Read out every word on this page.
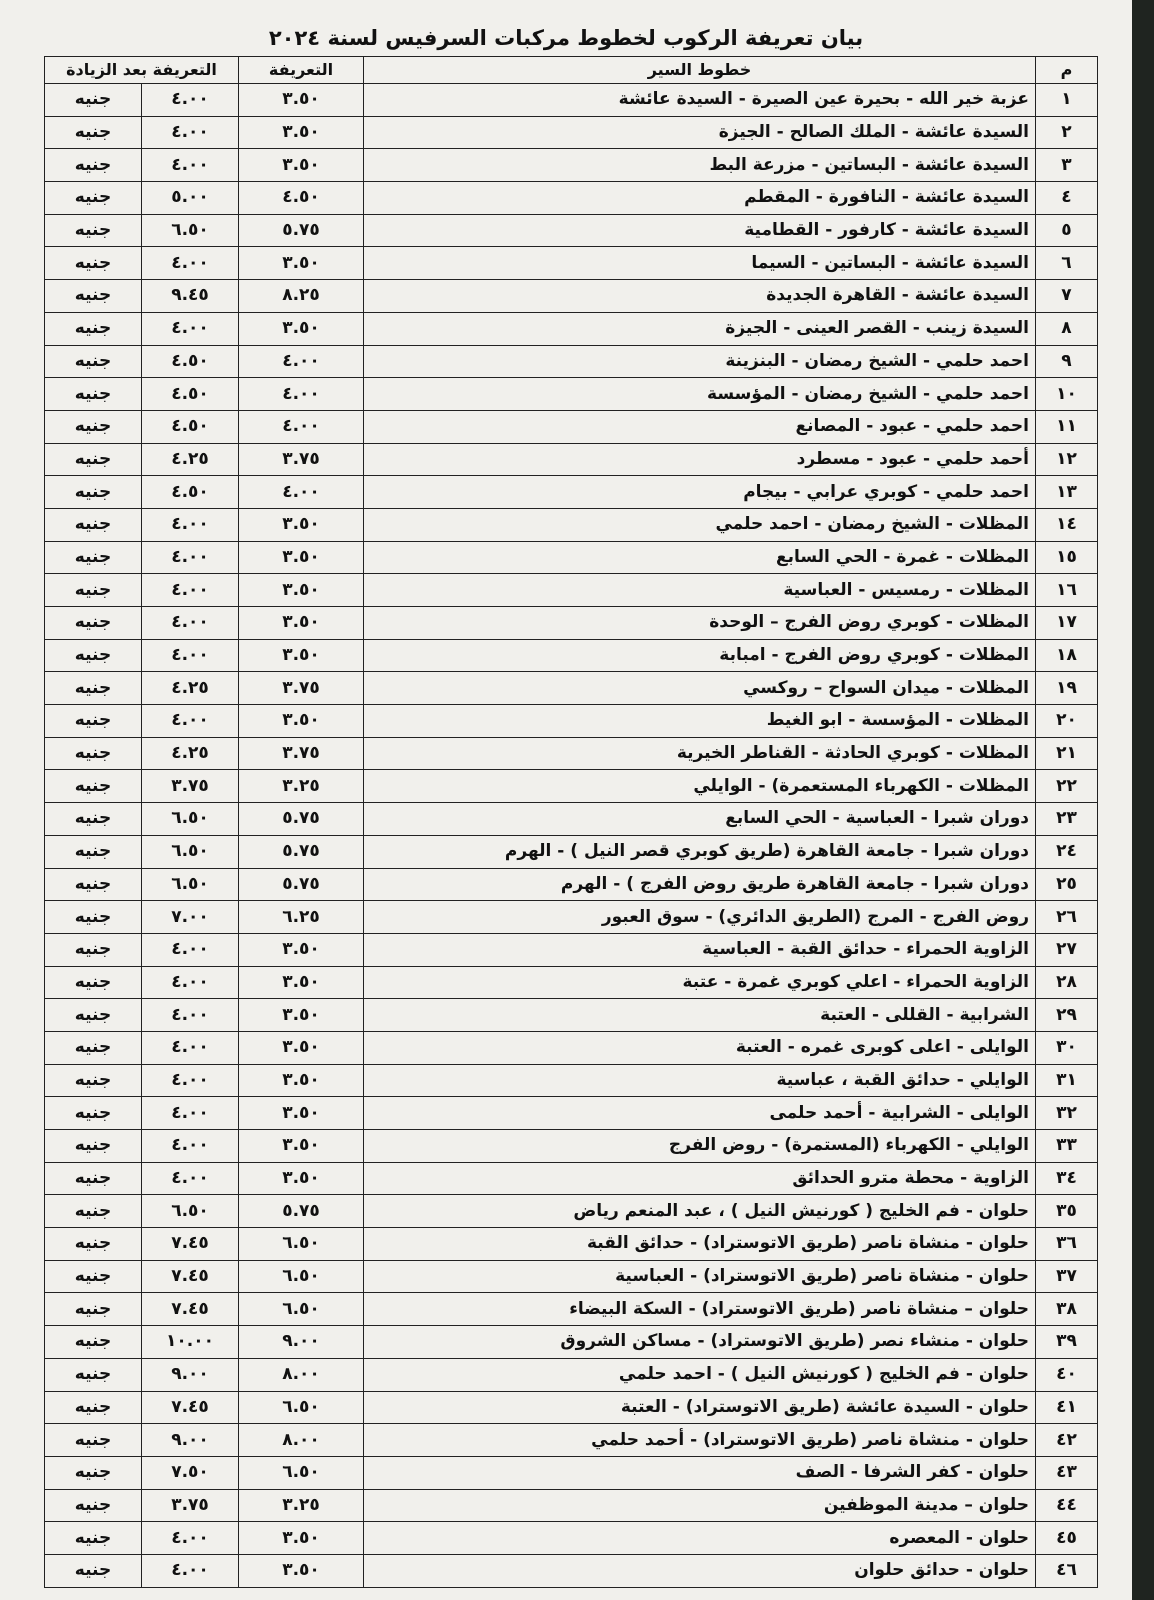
بيان تعريفة الركوب لخطوط مركبات السرفيس لسنة ٢٠٢٤
م	خطوط السير	التعريفة	التعريفة بعد الزيادة	
١	عزبة خير الله - بحيرة عين الصيرة - السيدة عائشة	٣.٥٠	٤.٠٠	جنيه
٢	السيدة عائشة - الملك الصالح - الجيزة	٣.٥٠	٤.٠٠	جنيه
٣	السيدة عائشة - البساتين - مزرعة البط	٣.٥٠	٤.٠٠	جنيه
٤	السيدة عائشة - النافورة - المقطم	٤.٥٠	٥.٠٠	جنيه
٥	السيدة عائشة - كارفور - القطامية	٥.٧٥	٦.٥٠	جنيه
٦	السيدة عائشة - البساتين - السيما	٣.٥٠	٤.٠٠	جنيه
٧	السيدة عائشة - القاهرة الجديدة	٨.٢٥	٩.٤٥	جنيه
٨	السيدة زينب - القصر العينى - الجيزة	٣.٥٠	٤.٠٠	جنيه
٩	احمد حلمي - الشيخ رمضان - البنزينة	٤.٠٠	٤.٥٠	جنيه
١٠	احمد حلمي - الشيخ رمضان - المؤسسة	٤.٠٠	٤.٥٠	جنيه
١١	احمد حلمي - عبود - المصانع	٤.٠٠	٤.٥٠	جنيه
١٢	أحمد حلمي - عبود - مسطرد	٣.٧٥	٤.٢٥	جنيه
١٣	احمد حلمي - كوبري عرابي - بيجام	٤.٠٠	٤.٥٠	جنيه
١٤	المظلات - الشيخ رمضان - احمد حلمي	٣.٥٠	٤.٠٠	جنيه
١٥	المظلات - غمرة - الحي السابع	٣.٥٠	٤.٠٠	جنيه
١٦	المظلات - رمسيس - العباسية	٣.٥٠	٤.٠٠	جنيه
١٧	المظلات - كوبري روض الفرج – الوحدة	٣.٥٠	٤.٠٠	جنيه
١٨	المظلات - كوبري روض الفرج - امبابة	٣.٥٠	٤.٠٠	جنيه
١٩	المظلات - ميدان السواح – روكسي	٣.٧٥	٤.٢٥	جنيه
٢٠	المظلات - المؤسسة - ابو الغيط	٣.٥٠	٤.٠٠	جنيه
٢١	المظلات - كوبري الحادثة - القناطر الخيرية	٣.٧٥	٤.٢٥	جنيه
٢٢	المظلات - الكهرباء المستعمرة) - الوايلي	٣.٢٥	٣.٧٥	جنيه
٢٣	دوران شبرا - العباسية - الحي السابع	٥.٧٥	٦.٥٠	جنيه
٢٤	دوران شبرا - جامعة القاهرة (طريق كوبري قصر النيل ) - الهرم	٥.٧٥	٦.٥٠	جنيه
٢٥	دوران شبرا - جامعة القاهرة طريق روض الفرج ) - الهرم	٥.٧٥	٦.٥٠	جنيه
٢٦	روض الفرج - المرج (الطريق الدائري) - سوق العبور	٦.٢٥	٧.٠٠	جنيه
٢٧	الزاوية الحمراء - حدائق القبة - العباسية	٣.٥٠	٤.٠٠	جنيه
٢٨	الزاوية الحمراء - اعلي كوبري غمرة - عتبة	٣.٥٠	٤.٠٠	جنيه
٢٩	الشرابية - القللى - العتبة	٣.٥٠	٤.٠٠	جنيه
٣٠	الوايلى - اعلى كوبرى غمره - العتبة	٣.٥٠	٤.٠٠	جنيه
٣١	الوايلي - حدائق القبة ، عباسية	٣.٥٠	٤.٠٠	جنيه
٣٢	الوايلى - الشرابية - أحمد حلمى	٣.٥٠	٤.٠٠	جنيه
٣٣	الوايلي - الكهرباء (المستمرة) - روض الفرج	٣.٥٠	٤.٠٠	جنيه
٣٤	الزاوية - محطة مترو الحدائق	٣.٥٠	٤.٠٠	جنيه
٣٥	حلوان - فم الخليج ( كورنيش النيل ) ، عبد المنعم رياض	٥.٧٥	٦.٥٠	جنيه
٣٦	حلوان - منشاة ناصر (طريق الاتوستراد) - حدائق القبة	٦.٥٠	٧.٤٥	جنيه
٣٧	حلوان - منشاة ناصر (طريق الاتوستراد) - العباسية	٦.٥٠	٧.٤٥	جنيه
٣٨	حلوان – منشاة ناصر (طريق الاتوستراد) - السكة البيضاء	٦.٥٠	٧.٤٥	جنيه
٣٩	حلوان - منشاء نصر (طريق الاتوستراد) - مساكن الشروق	٩.٠٠	١٠.٠٠	جنيه
٤٠	حلوان - فم الخليج ( كورنيش النيل ) - احمد حلمي	٨.٠٠	٩.٠٠	جنيه
٤١	حلوان - السيدة عائشة (طريق الاتوستراد) - العتبة	٦.٥٠	٧.٤٥	جنيه
٤٢	حلوان - منشاة ناصر (طريق الاتوستراد) - أحمد حلمي	٨.٠٠	٩.٠٠	جنيه
٤٣	حلوان - كفر الشرفا - الصف	٦.٥٠	٧.٥٠	جنيه
٤٤	حلوان – مدينة الموظفين	٣.٢٥	٣.٧٥	جنيه
٤٥	حلوان - المعصره	٣.٥٠	٤.٠٠	جنيه
٤٦	حلوان - حدائق حلوان	٣.٥٠	٤.٠٠	جنيه
